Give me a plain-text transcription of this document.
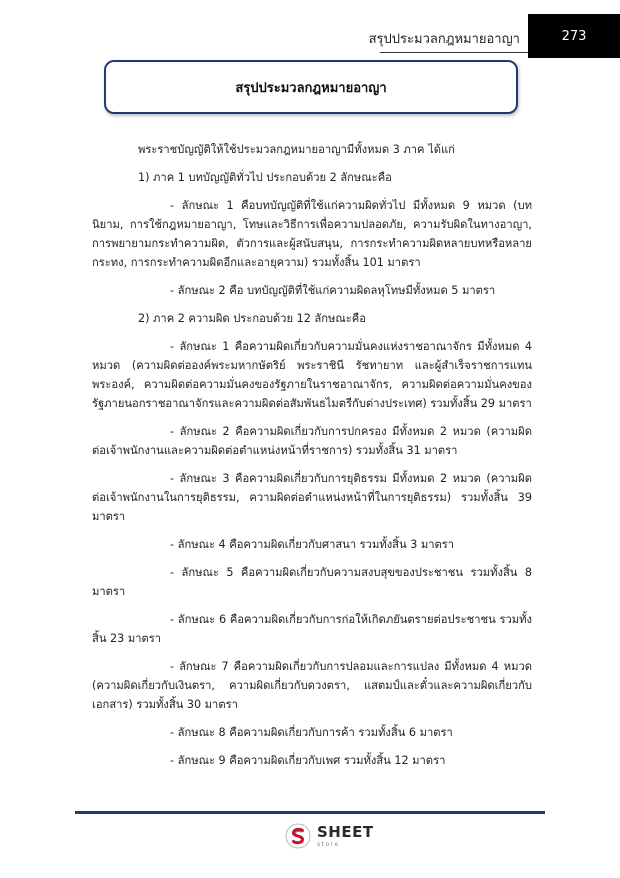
สรุปประมวลกฎหมายอาญา	273
สรุปประมวลกฎหมายอาญา

พระราชบัญญัติให้ใช้ประมวลกฎหมายอาญามีทั้งหมด 3 ภาค ได้แก่

1) ภาค 1 บทบัญญัติทั่วไป ประกอบด้วย 2 ลักษณะคือ

- ลักษณะ 1 คือบทบัญญัติที่ใช้แก่ความผิดทั่วไป มีทั้งหมด 9 หมวด (บทนิยาม, การใช้กฎหมายอาญา, โทษและวิธีการเพื่อความปลอดภัย, ความรับผิดในทางอาญา, การพยายามกระทำความผิด, ตัวการและผู้สนับสนุน, การกระทำความผิดหลายบทหรือหลายกระทง, การกระทำความผิดอีกและอายุความ) รวมทั้งสิ้น 101 มาตรา

- ลักษณะ 2 คือ บทบัญญัติที่ใช้แก่ความผิดลหุโทษมีทั้งหมด 5 มาตรา

2) ภาค 2 ความผิด ประกอบด้วย 12 ลักษณะคือ

- ลักษณะ 1 คือความผิดเกี่ยวกับความมั่นคงแห่งราชอาณาจักร มีทั้งหมด 4 หมวด (ความผิดต่อองค์พระมหากษัตริย์ พระราชินี รัชทายาท และผู้สำเร็จราชการแทนพระองค์, ความผิดต่อความมั่นคงของรัฐภายในราชอาณาจักร, ความผิดต่อความมั่นคงของรัฐภายนอกราชอาณาจักรและความผิดต่อสัมพันธไมตรีกับต่างประเทศ) รวมทั้งสิ้น 29 มาตรา

- ลักษณะ 2 คือความผิดเกี่ยวกับการปกครอง มีทั้งหมด 2 หมวด (ความผิดต่อเจ้าพนักงานและความผิดต่อตำแหน่งหน้าที่ราชการ) รวมทั้งสิ้น 31 มาตรา

- ลักษณะ 3 คือความผิดเกี่ยวกับการยุติธรรม มีทั้งหมด 2 หมวด (ความผิดต่อเจ้าพนักงานในการยุติธรรม, ความผิดต่อตำแหน่งหน้าที่ในการยุติธรรม) รวมทั้งสิ้น 39 มาตรา

- ลักษณะ 4 คือความผิดเกี่ยวกับศาสนา รวมทั้งสิ้น 3 มาตรา

- ลักษณะ 5 คือความผิดเกี่ยวกับความสงบสุขของประชาชน รวมทั้งสิ้น 8 มาตรา

- ลักษณะ 6 คือความผิดเกี่ยวกับการก่อให้เกิดภยันตรายต่อประชาชน รวมทั้งสิ้น 23 มาตรา

- ลักษณะ 7 คือความผิดเกี่ยวกับการปลอมและการแปลง มีทั้งหมด 4 หมวด (ความผิดเกี่ยวกับเงินตรา, ความผิดเกี่ยวกับดวงตรา, แสตมป์และตั๋วและความผิดเกี่ยวกับเอกสาร) รวมทั้งสิ้น 30 มาตรา

- ลักษณะ 8 คือความผิดเกี่ยวกับการค้า รวมทั้งสิ้น 6 มาตรา

- ลักษณะ 9 คือความผิดเกี่ยวกับเพศ รวมทั้งสิ้น 12 มาตรา

SHEET
store
